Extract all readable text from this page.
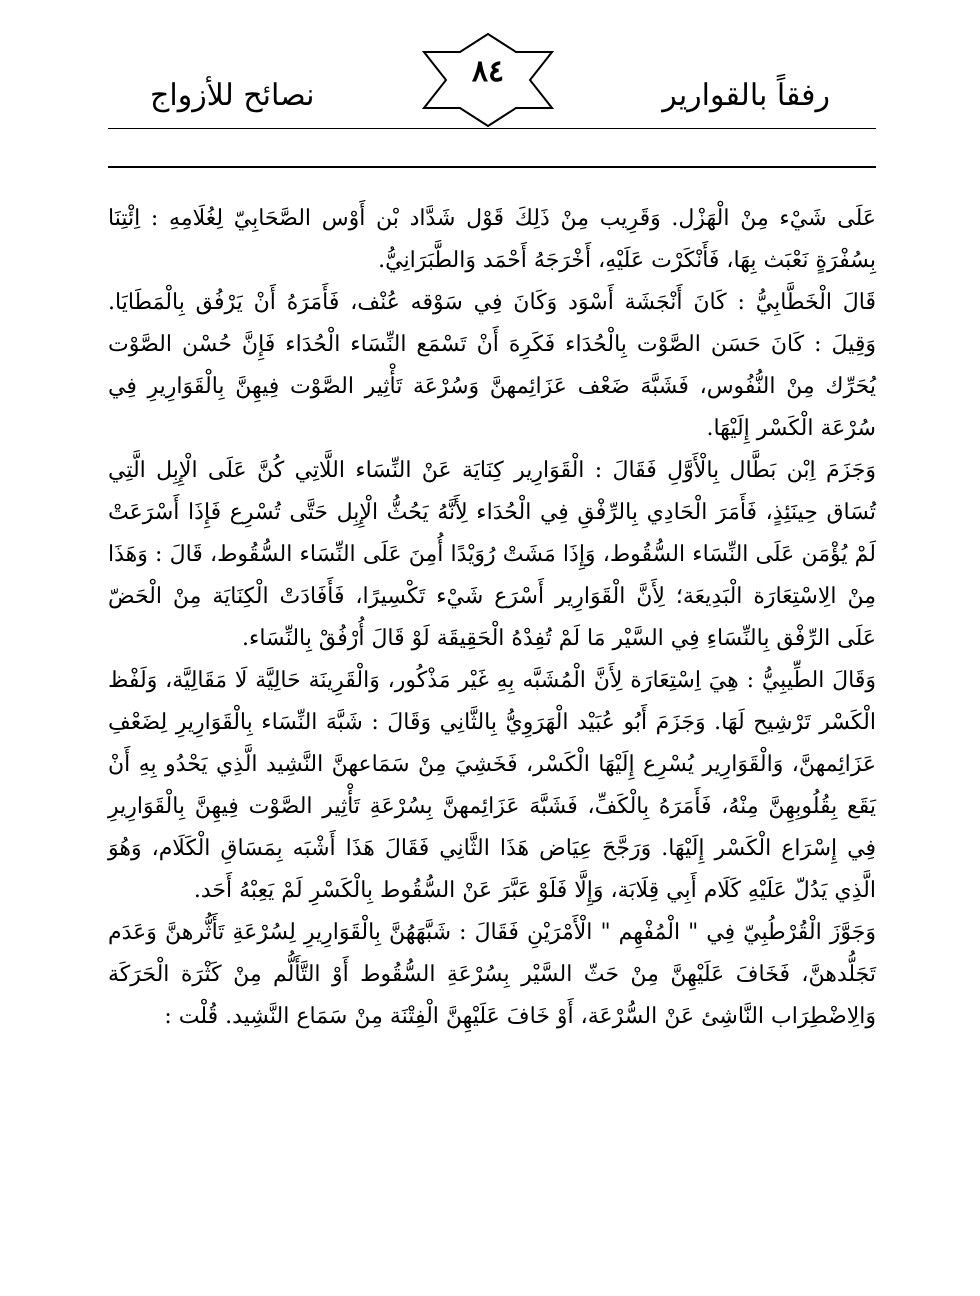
نصائح للأزواج
٨٤
رفقاً بالقوارير

عَلَى شَيْء مِنْ الْهَزْل. وَقَرِيب مِنْ ذَلِكَ قَوْل شَدَّاد بْن أَوْس الصَّحَابِيّ لِغُلَامِهِ : اِئْتِنَا بِسُفْرَةٍ نَعْبَث بِهَا، فَأَنْكَرْت عَلَيْهِ، أَخْرَجَهُ أَحْمَد وَالطَّبَرَانِيُّ.

قَالَ الْخَطَّابِيُّ : كَانَ أَنْجَشَة أَسْوَد وَكَانَ فِي سَوْقه عُنْف، فَأَمَرَهُ أَنْ يَرْفُق بِالْمَطَايَا. وَقِيلَ : كَانَ حَسَن الصَّوْت بِالْحُدَاء فَكَرِهَ أَنْ تَسْمَع النِّسَاء الْحُدَاء فَإِنَّ حُسْن الصَّوْت يُحَرِّك مِنْ النُّفُوس، فَشَبَّهَ ضَعْف عَزَائِمهنَّ وَسُرْعَة تَأْثِير الصَّوْت فِيهِنَّ بِالْقَوَارِيرِ فِي سُرْعَة الْكَسْر إِلَيْهَا.

وَجَزَمَ اِبْن بَطَّال بِالْأَوَّلِ فَقَالَ : الْقَوَارِير كِنَايَة عَنْ النِّسَاء اللَّاتِي كُنَّ عَلَى الْإِبِل الَّتِي تُسَاق حِينَئِذٍ، فَأَمَرَ الْحَادِي بِالرِّفْقِ فِي الْحُدَاء لِأَنَّهُ يَحُثُّ الْإِبِل حَتَّى تُسْرِع فَإِذَا أَسْرَعَتْ لَمْ يُؤْمَن عَلَى النِّسَاء السُّقُوط، وَإِذَا مَشَتْ رُوَيْدًا أُمِنَ عَلَى النِّسَاء السُّقُوط، قَالَ : وَهَذَا مِنْ الِاسْتِعَارَة الْبَدِيعَة؛ لِأَنَّ الْقَوَارِير أَسْرَع شَيْء تَكْسِيرًا، فَأَفَادَتْ الْكِنَايَة مِنْ الْحَضّ عَلَى الرِّفْق بِالنِّسَاءِ فِي السَّيْر مَا لَمْ تُفِدْهُ الْحَقِيقَة لَوْ قَالَ أُرْفُقْ بِالنِّسَاء.

وَقَالَ الطِّيبِيُّ : هِيَ اِسْتِعَارَة لِأَنَّ الْمُشَبَّه بِهِ غَيْر مَذْكُور، وَالْقَرِينَة حَالِيَّة لَا مَقَالِيَّة، وَلَفْظ الْكَسْر تَرْشِيح لَهَا. وَجَزَمَ أَبُو عُبَيْد الْهَرَوِيُّ بِالثَّانِي وَقَالَ : شَبَّهَ النِّسَاء بِالْقَوَارِيرِ لِضَعْفِ عَزَائِمهنَّ، وَالْقَوَارِير يُسْرِع إِلَيْهَا الْكَسْر، فَخَشِيَ مِنْ سَمَاعهنَّ النَّشِيد الَّذِي يَحْدُو بِهِ أَنْ يَقَع بِقُلُوبِهِنَّ مِنْهُ، فَأَمَرَهُ بِالْكَفِّ، فَشَبَّهَ عَزَائِمهنَّ بِسُرْعَةِ تَأْثِير الصَّوْت فِيهِنَّ بِالْقَوَارِيرِ فِي إِسْرَاع الْكَسْر إِلَيْهَا. وَرَجَّحَ عِيَاض هَذَا الثَّانِي فَقَالَ هَذَا أَشْبَه بِمَسَاقِ الْكَلَام، وَهُوَ الَّذِي يَدُلّ عَلَيْهِ كَلَام أَبِي قِلَابَة، وَإِلَّا فَلَوْ عَبَّرَ عَنْ السُّقُوط بِالْكَسْرِ لَمْ يَعِبْهُ أَحَد.

وَجَوَّزَ الْقُرْطُبِيّ فِي " الْمُفْهِم " الْأَمْرَيْنِ فَقَالَ : شَبَّهَهُنَّ بِالْقَوَارِيرِ لِسُرْعَةِ تَأَثُّرهنَّ وَعَدَم تَجَلُّدهنَّ، فَخَافَ عَلَيْهِنَّ مِنْ حَثّ السَّيْر بِسُرْعَةِ السُّقُوط أَوْ التَّأَلُّم مِنْ كَثْرَة الْحَرَكَة وَالِاضْطِرَاب النَّاشِئ عَنْ السُّرْعَة، أَوْ خَافَ عَلَيْهِنَّ الْفِتْنَة مِنْ سَمَاع النَّشِيد. قُلْت :
